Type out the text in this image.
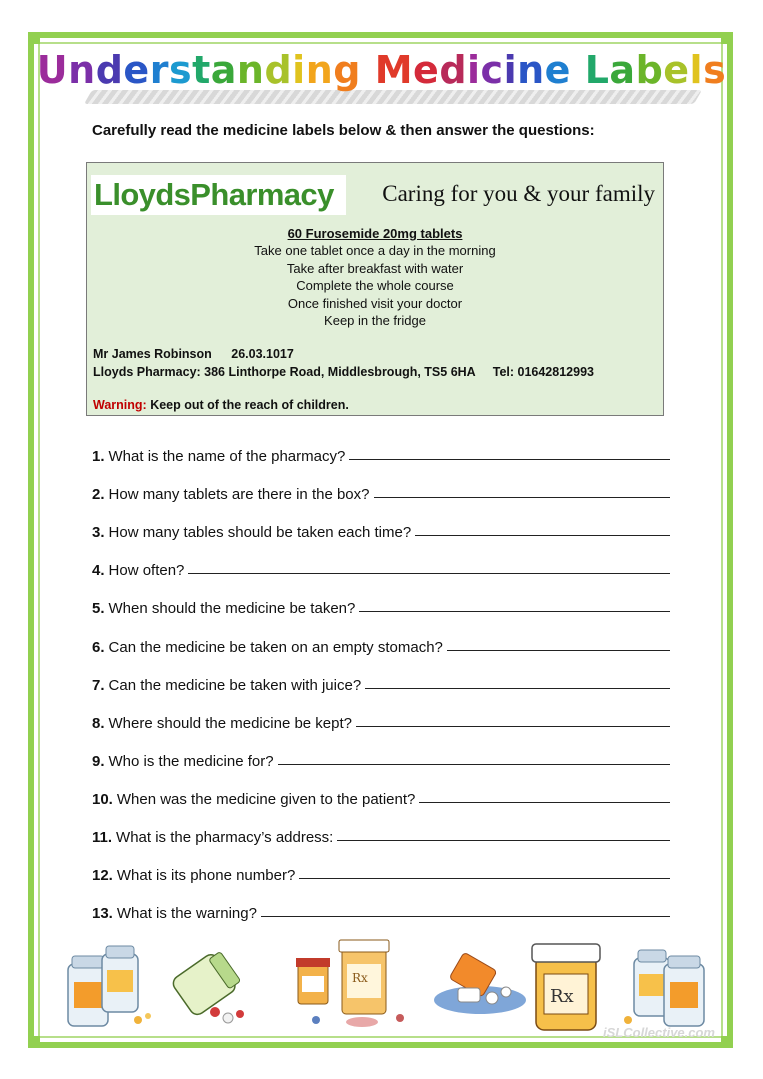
Understanding Medicine Labels
Carefully read the medicine labels below & then answer the questions:
LloydsPharmacy	Caring for you & your family
60 Furosemide 20mg tablets
Take one tablet once a day in the morning
Take after breakfast with water
Complete the whole course
Once finished visit your doctor
Keep in the fridge
Mr James Robinson 26.03.1017
Lloyds Pharmacy: 386 Linthorpe Road, Middlesbrough, TS5 6HA Tel: 01642812993
Warning: Keep out of the reach of children.
1. What is the name of the pharmacy?
2. How many tablets are there in the box?
3. How many tables should be taken each time?
4. How often?
5. When should the medicine be taken?
6. Can the medicine be taken on an empty stomach?
7. Can the medicine be taken with juice?
8. Where should the medicine be kept?
9. Who is the medicine for?
10. When was the medicine given to the patient?
11. What is the pharmacy’s address:
12. What is its phone number?
13. What is the warning?
Rx
Rx
iSLCollective.com
